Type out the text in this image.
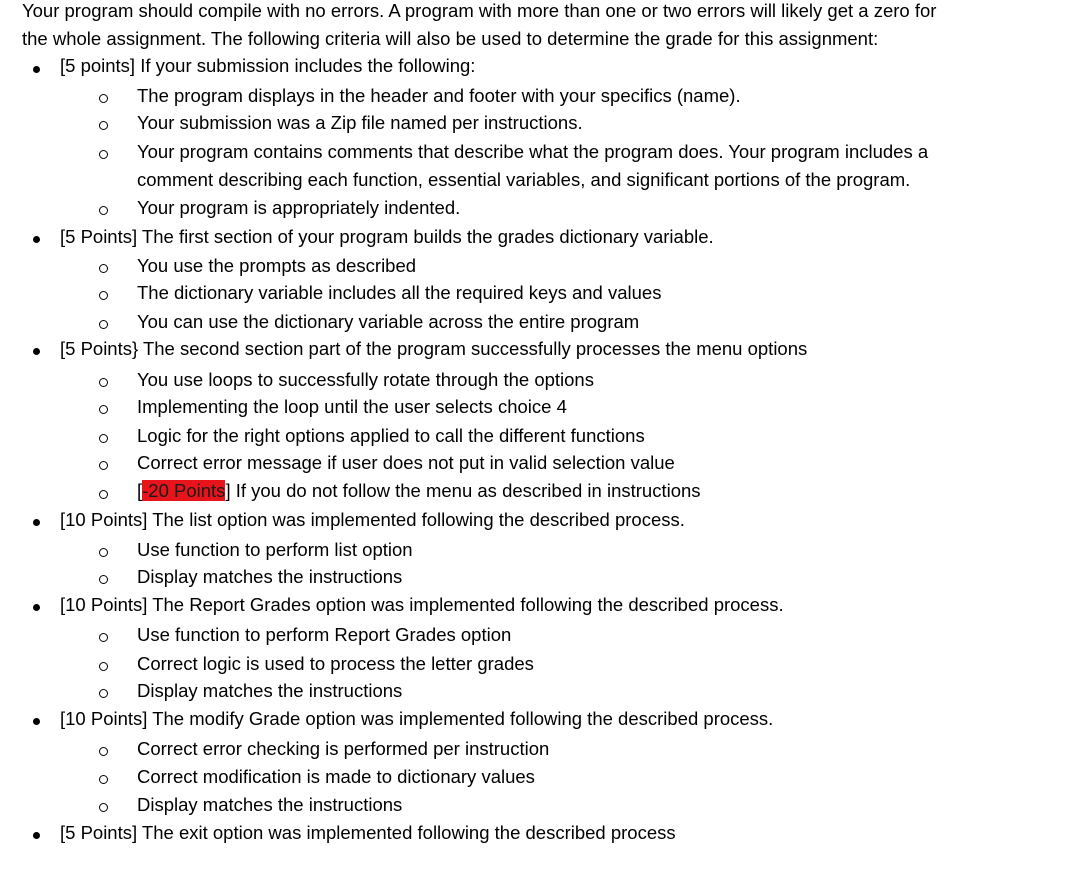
Your program should compile with no errors. A program with more than one or two errors will likely get a zero for
the whole assignment. The following criteria will also be used to determine the grade for this assignment:
[5 points] If your submission includes the following:
The program displays in the header and footer with your specifics (name).
Your submission was a Zip file named per instructions.
Your program contains comments that describe what the program does. Your program includes a
comment describing each function, essential variables, and significant portions of the program.
Your program is appropriately indented.
[5 Points] The first section of your program builds the grades dictionary variable.
You use the prompts as described
The dictionary variable includes all the required keys and values
You can use the dictionary variable across the entire program
[5 Points} The second section part of the program successfully processes the menu options
You use loops to successfully rotate through the options
Implementing the loop until the user selects choice 4
Logic for the right options applied to call the different functions
Correct error message if user does not put in valid selection value
[-20 Points] If you do not follow the menu as described in instructions
[10 Points] The list option was implemented following the described process.
Use function to perform list option
Display matches the instructions
[10 Points] The Report Grades option was implemented following the described process.
Use function to perform Report Grades option
Correct logic is used to process the letter grades
Display matches the instructions
[10 Points] The modify Grade option was implemented following the described process.
Correct error checking is performed per instruction
Correct modification is made to dictionary values
Display matches the instructions
[5 Points] The exit option was implemented following the described process
